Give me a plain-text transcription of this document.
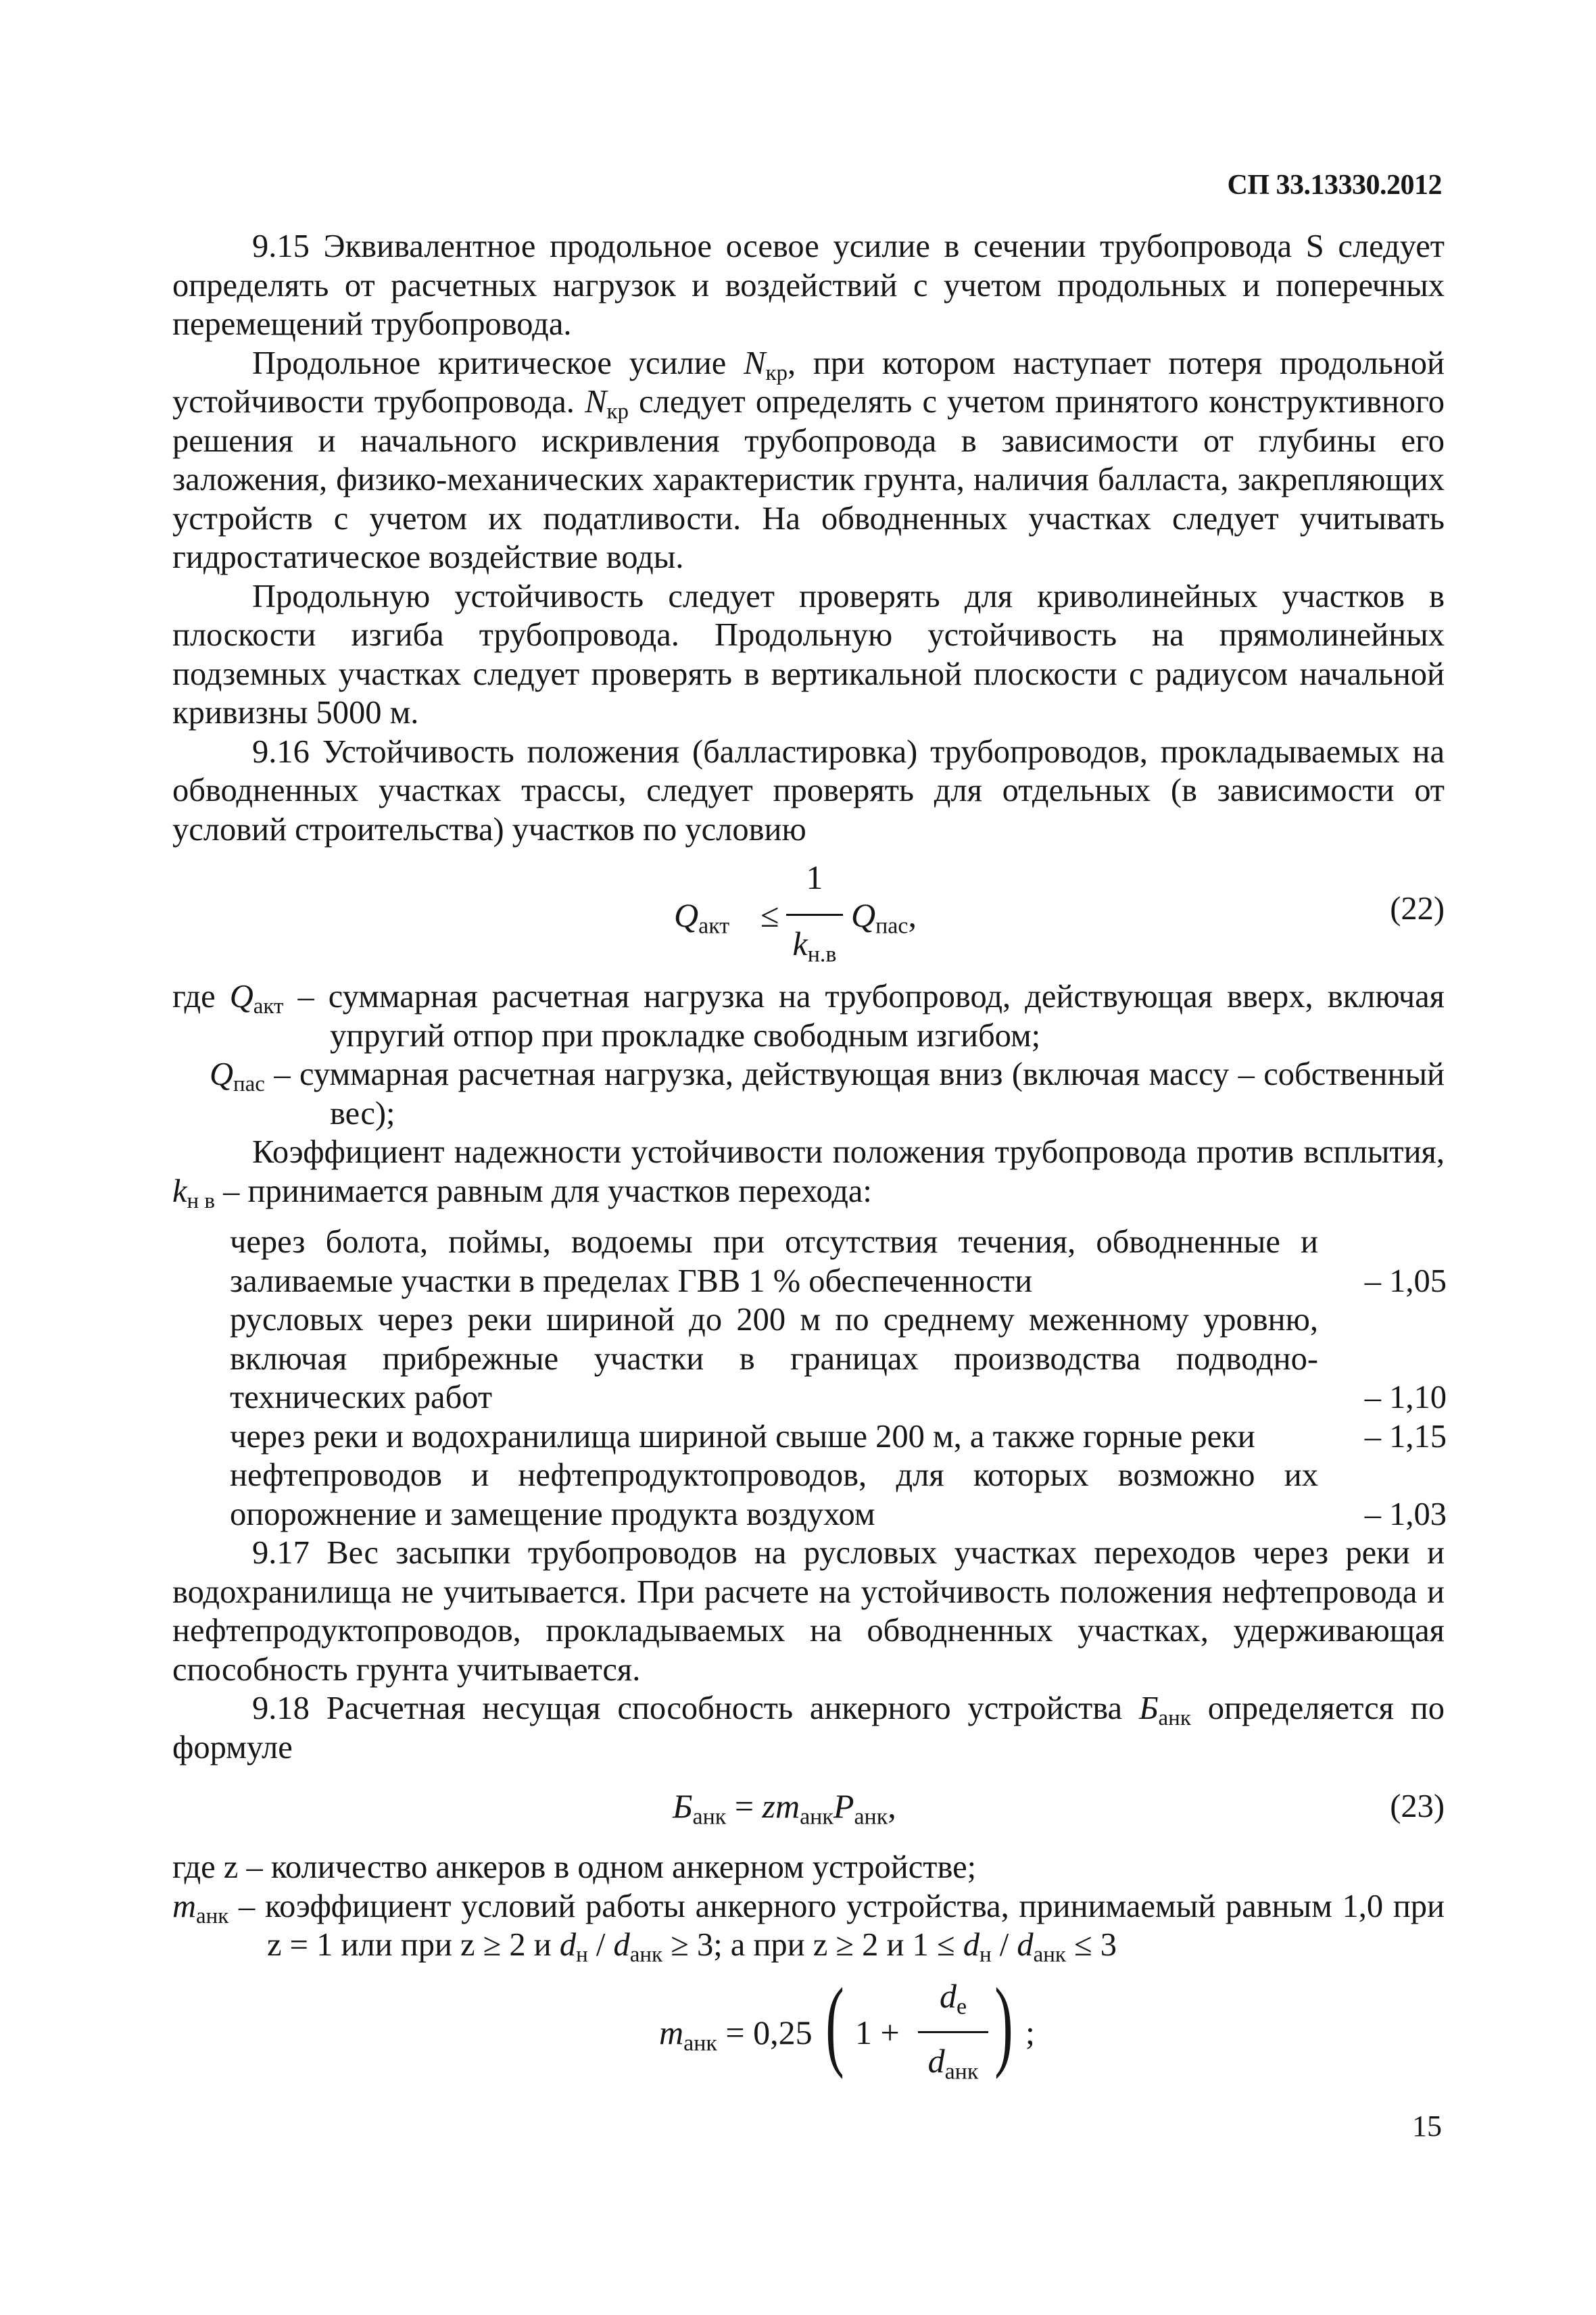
СП 33.13330.2012

9.15 Эквивалентное продольное осевое усилие в сечении трубопровода S следует определять от расчетных нагрузок и воздействий с учетом продольных и поперечных перемещений трубопровода.

Продольное критическое усилие $N_{кр}$, при котором наступает потеря продольной устойчивости трубопровода. $N_{кр}$ следует определять с учетом принятого конструктивного решения и начального искривления трубопровода в зависимости от глубины его заложения, физико-механических характеристик грунта, наличия балласта, закрепляющих устройств с учетом их податливости. На обводненных участках следует учитывать гидростатическое воздействие воды.

Продольную устойчивость следует проверять для криволинейных участков в плоскости изгиба трубопровода. Продольную устойчивость на прямолинейных подземных участках следует проверять в вертикальной плоскости с радиусом начальной кривизны 5000 м.

9.16 Устойчивость положения (балластировка) трубопроводов, прокладываемых на обводненных участках трассы, следует проверять для отдельных (в зависимости от условий строительства) участков по условию

$Q_{акт}$ ≤
1
$k_{н.в}$
$Q_{пас}$,	(22)
где $Q_{акт}$ – суммарная расчетная нагрузка на трубопровод, действующая вверх, включая упругий отпор при прокладке свободным изгибом;
$Q_{пас}$ – суммарная расчетная нагрузка, действующая вниз (включая массу – собственный вес);

Коэффициент надежности устойчивости положения трубопровода против всплытия, $k_{н в}$ – принимается равным для участков перехода:

через болота, поймы, водоемы при отсутствия течения, обводненные и заливаемые участки в пределах ГВВ 1 % обеспеченности	– 1,05
русловых через реки шириной до 200 м по среднему меженному уровню, включая прибрежные участки в границах производства подводно-технических работ	– 1,10
через реки и водохранилища шириной свыше 200 м, а также горные реки	– 1,15
нефтепроводов и нефтепродуктопроводов, для которых возможно их опорожнение и замещение продукта воздухом	– 1,03

9.17 Вес засыпки трубопроводов на русловых участках переходов через реки и водохранилища не учитывается. При расчете на устойчивость положения нефтепровода и нефтепродуктопроводов, прокладываемых на обводненных участках, удерживающая способность грунта учитывается.

9.18 Расчетная несущая способность анкерного устройства $Б_{анк}$ определяется по формуле

$Б_{анк} = zm_{анк}P_{анк}$,	(23)
где z – количество анкеров в одном анкерном устройстве;
$m_{анк}$ – коэффициент условий работы анкерного устройства, принимаемый равным 1,0 при z = 1 или при z ≥ 2 и $d_н / d_{анк} \ge 3$; а при z ≥ 2 и $1 \le d_н / d_{анк} \le 3$
$m_{анк} = 0,25$ ( 1 +
$d_е$
$d_{анк}$ ) ;
15
